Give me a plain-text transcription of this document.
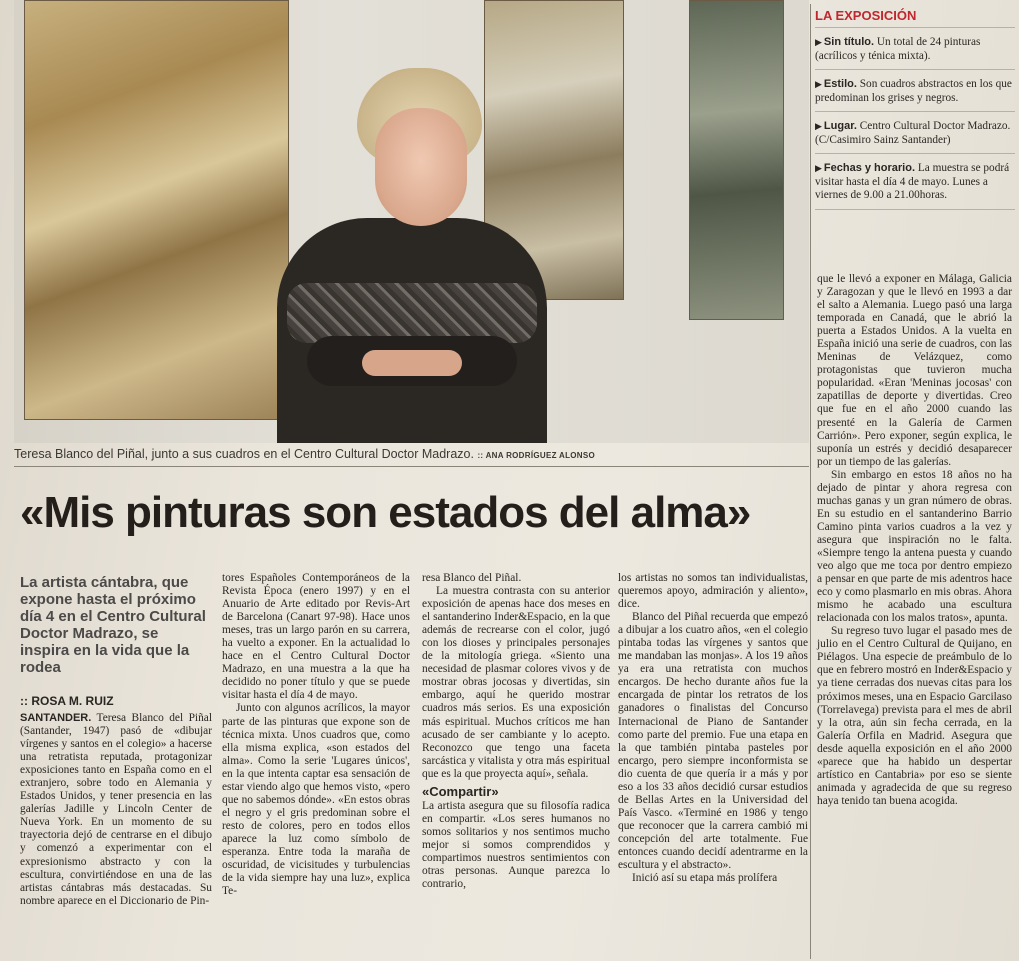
Teresa Blanco del Piñal, junto a sus cuadros en el Centro Cultural Doctor Madrazo. :: ANA RODRÍGUEZ ALONSO
«Mis pinturas son estados del alma»
LA EXPOSICIÓN
▶ Sin título. Un total de 24 pinturas (acrílicos y ténica mixta).
▶ Estilo. Son cuadros abstractos en los que predominan los grises y negros.
▶ Lugar. Centro Cultural Doctor Madrazo. (C/Casimiro Sainz Santander)
▶ Fechas y horario. La muestra se podrá visitar hasta el día 4 de mayo. Lunes a viernes de 9.00 a 21.00horas.

que le llevó a exponer en Málaga, Galicia y Zaragozan y que le llevó en 1993 a dar el salto a Alemania. Luego pasó una larga temporada en Canadá, que le abrió la puerta a Estados Unidos. A la vuelta en España inició una serie de cuadros, con las Meninas de Velázquez, como protagonistas que tuvieron mucha popularidad. «Eran 'Meninas jocosas' con zapatillas de deporte y divertidas. Creo que fue en el año 2000 cuando las presenté en la Galería de Carmen Carrión». Pero exponer, según explica, le suponía un estrés y decidió desaparecer por un tiempo de las galerías.

Sin embargo en estos 18 años no ha dejado de pintar y ahora regresa con muchas ganas y un gran número de obras. En su estudio en el santanderino Barrio Camino pinta varios cuadros a la vez y asegura que inspiración no le falta. «Siempre tengo la antena puesta y cuando veo algo que me toca por dentro empiezo a pensar en que parte de mis adentros hace eco y como plasmarlo en mis obras. Ahora mismo he acabado una escultura relacionada con los malos tratos», apunta.

Su regreso tuvo lugar el pasado mes de julio en el Centro Cultural de Quijano, en Piélagos. Una especie de preámbulo de lo que en febrero mostró en Inder&Espacio y ya tiene cerradas dos nuevas citas para los próximos meses, una en Espacio Garcilaso (Torrelavega) prevista para el mes de abril y la otra, aún sin fecha cerrada, en la Galería Orfila en Madrid. Asegura que desde aquella exposición en el año 2000 «parece que ha habido un despertar artístico en Cantabria» por eso se siente animada y agradecida de que su regreso haya tenido tan buena acogida.

La artista cántabra, que expone hasta el próximo día 4 en el Centro Cultural Doctor Madrazo, se inspira en la vida que la rodea
:: ROSA M. RUIZ

SANTANDER. Teresa Blanco del Piñal (Santander, 1947) pasó de «dibujar vírgenes y santos en el colegio» a hacerse una retratista reputada, protagonizar exposiciones tanto en España como en el extranjero, sobre todo en Alemania y Estados Unidos, y tener presencia en las galerías Jadille y Lincoln Center de Nueva York. En un momento de su trayectoria dejó de centrarse en el dibujo y comenzó a experimentar con el expresionismo abstracto y con la escultura, convirtiéndose en una de las artistas cántabras más destacadas. Su nombre aparece en el Diccionario de Pin-

tores Españoles Contemporáneos de la Revista Época (enero 1997) y en el Anuario de Arte editado por Revis-Art de Barcelona (Canart 97-98). Hace unos meses, tras un largo parón en su carrera, ha vuelto a exponer. En la actualidad lo hace en el Centro Cultural Doctor Madrazo, en una muestra a la que ha decidido no poner título y que se puede visitar hasta el día 4 de mayo.

Junto con algunos acrílicos, la mayor parte de las pinturas que expone son de técnica mixta. Unos cuadros que, como ella misma explica, «son estados del alma». Como la serie 'Lugares únicos', en la que intenta captar esa sensación de estar viendo algo que hemos visto, «pero que no sabemos dónde». «En estos obras el negro y el gris predominan sobre el resto de colores, pero en todos ellos aparece la luz como símbolo de esperanza. Entre toda la maraña de oscuridad, de vicisitudes y turbulencias de la vida siempre hay una luz», explica Te-

resa Blanco del Piñal.

La muestra contrasta con su anterior exposición de apenas hace dos meses en el santanderino Inder&Espacio, en la que además de recrearse con el color, jugó con los dioses y principales personajes de la mitología griega. «Siento una necesidad de plasmar colores vivos y de mostrar obras jocosas y divertidas, sin embargo, aquí he querido mostrar cuadros más serios. Es una exposición más espiritual. Muchos críticos me han acusado de ser cambiante y lo acepto. Reconozco que tengo una faceta sarcástica y vitalista y otra más espiritual que es la que proyecta aquí», señala.

«Compartir»

La artista asegura que su filosofía radica en compartir. «Los seres humanos no somos solitarios y nos sentimos mucho mejor si somos comprendidos y compartimos nuestros sentimientos con otras personas. Aunque parezca lo contrario,

los artistas no somos tan individualistas, queremos apoyo, admiración y aliento», dice.

Blanco del Piñal recuerda que empezó a dibujar a los cuatro años, «en el colegio pintaba todas las vírgenes y santos que me mandaban las monjas». A los 19 años ya era una retratista con muchos encargos. De hecho durante años fue la encargada de pintar los retratos de los ganadores o finalistas del Concurso Internacional de Piano de Santander como parte del premio. Fue una etapa en la que también pintaba pasteles por encargo, pero siempre inconformista se dio cuenta de que quería ir a más y por eso a los 33 años decidió cursar estudios de Bellas Artes en la Universidad del País Vasco. «Terminé en 1986 y tengo que reconocer que la carrera cambió mi concepción del arte totalmente. Fue entonces cuando decidí adentrarme en la escultura y el abstracto».

Inició así su etapa más prolífera
